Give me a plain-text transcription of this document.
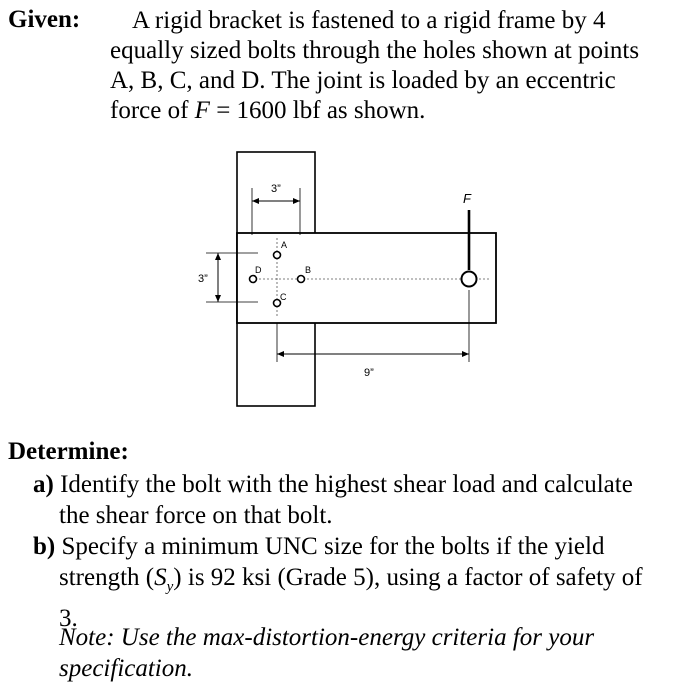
Given:	A rigid bracket is fastened to a rigid frame by 4
equally sized bolts through the holes shown at points
A, B, C, and D. The joint is loaded by an eccentric
force of F = 1600 lbf as shown.
3”
3”
9”
A
B
C
D
F
Determine:
a) Identify the bolt with the highest shear load and calculate
the shear force on that bolt.
b) Specify a minimum UNC size for the bolts if the yield
strength $(S_y)$ is 92 ksi (Grade 5), using a factor of safety of
3.
Note: Use the max-distortion-energy criteria for your
specification.
